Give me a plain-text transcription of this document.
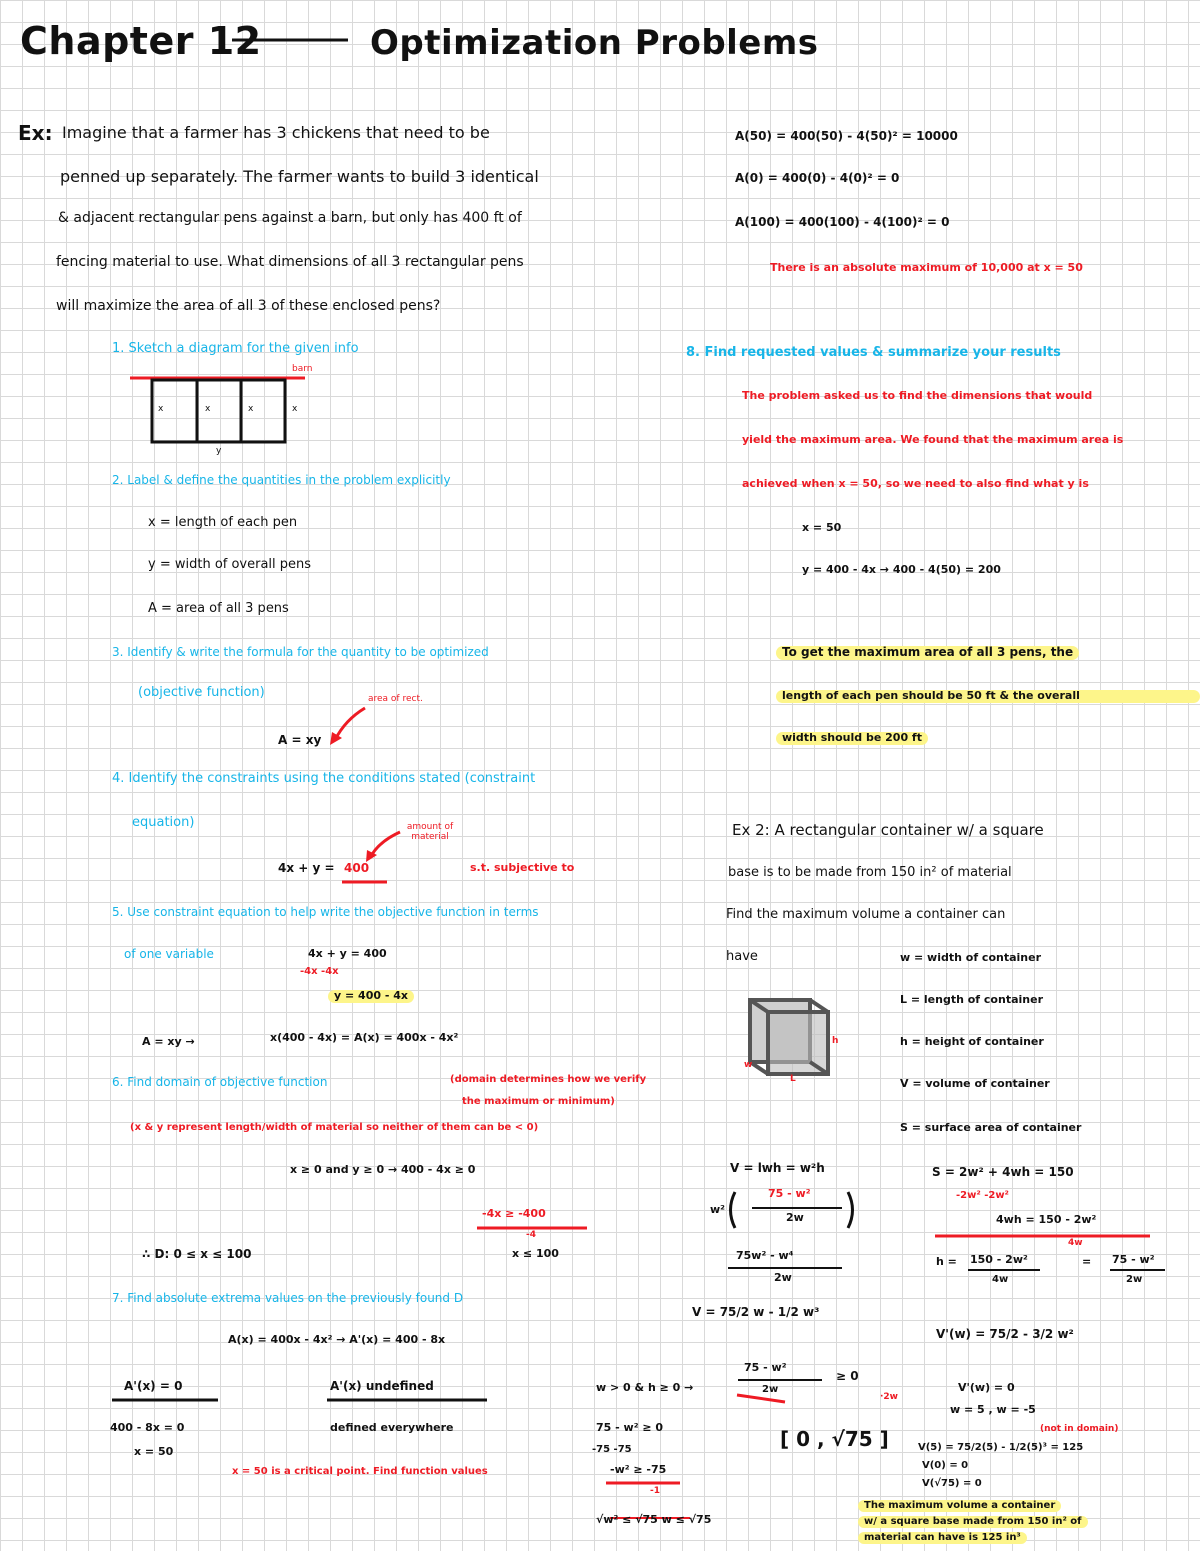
Chapter 12	Optimization Problems
Ex: Imagine that a farmer has 3 chickens that need to be
penned up separately. The farmer wants to build 3 identical
& adjacent rectangular pens against a barn, but only has 400 ft of
fencing material to use. What dimensions of all 3 rectangular pens
will maximize the area of all 3 of these enclosed pens?
1. Sketch a diagram for the given info
barn
x	x	x	x
y
2. Label & define the quantities in the problem explicitly
x = length of each pen
y = width of overall pens
A = area of all 3 pens
3. Identify & write the formula for the quantity to be optimized
(objective function)	area of rect.
A = xy
4. Identify the constraints using the conditions stated (constraint
equation)	amount of material
4x + y = 400	s.t. subjective to
5. Use constraint equation to help write the objective function in terms
of one variable	4x + y = 400
-4x -4x
y = 400 - 4x
A = xy →	x(400 - 4x) = A(x) = 400x - 4x²
6. Find domain of objective function	(domain determines how we verify
the maximum or minimum)
(x & y represent length/width of material so neither of them can be < 0)
x ≥ 0 and y ≥ 0 → 400 - 4x ≥ 0
-4x ≥ -400
-4
x ≤ 100
∴ D: 0 ≤ x ≤ 100
7. Find absolute extrema values on the previously found D
A(x) = 400x - 4x² → A'(x) = 400 - 8x
A'(x) = 0
400 - 8x = 0
x = 50
A'(x) undefined
defined everywhere
x = 50 is a critical point. Find function values
A(50) = 400(50) - 4(50)² = 10000
A(0) = 400(0) - 4(0)² = 0
A(100) = 400(100) - 4(100)² = 0
There is an absolute maximum of 10,000 at x = 50
8. Find requested values & summarize your results
The problem asked us to find the dimensions that would
yield the maximum area. We found that the maximum area is
achieved when x = 50, so we need to also find what y is
x = 50
y = 400 - 4x → 400 - 4(50) = 200
To get the maximum area of all 3 pens, the
length of each pen should be 50 ft & the overall
width should be 200 ft
Ex 2: A rectangular container w/ a square
base is to be made from 150 in² of material
Find the maximum volume a container can
have	w = width of container
L = length of container
h = height of container
V = volume of container
S = surface area of container
h
w
L
V = lwh = w²h
w²
75 - w²
2w
75w² - w⁴
2w
V = 75/2 w - 1/2 w³
S = 2w² + 4wh = 150
-2w² -2w²
4wh = 150 - 2w²
4w
h = 150 - 2w²
4w
= 75 - w²
2w
V'(w) = 75/2 - 3/2 w²
V'(w) = 0
w = 5 , w = -5
(not in domain)
V(5) = 75/2(5) - 1/2(5)³ = 125
V(0) = 0
V(√75) = 0
w > 0 & h ≥ 0 →
75 - w²
2w
≥ 0
·2w
75 - w² ≥ 0
-75 -75
-w² ≥ -75
-1
√w² ≤ √75 w ≤ √75
[ 0 , √75 ]
The maximum volume a container
w/ a square base made from 150 in² of
material can have is 125 in³
